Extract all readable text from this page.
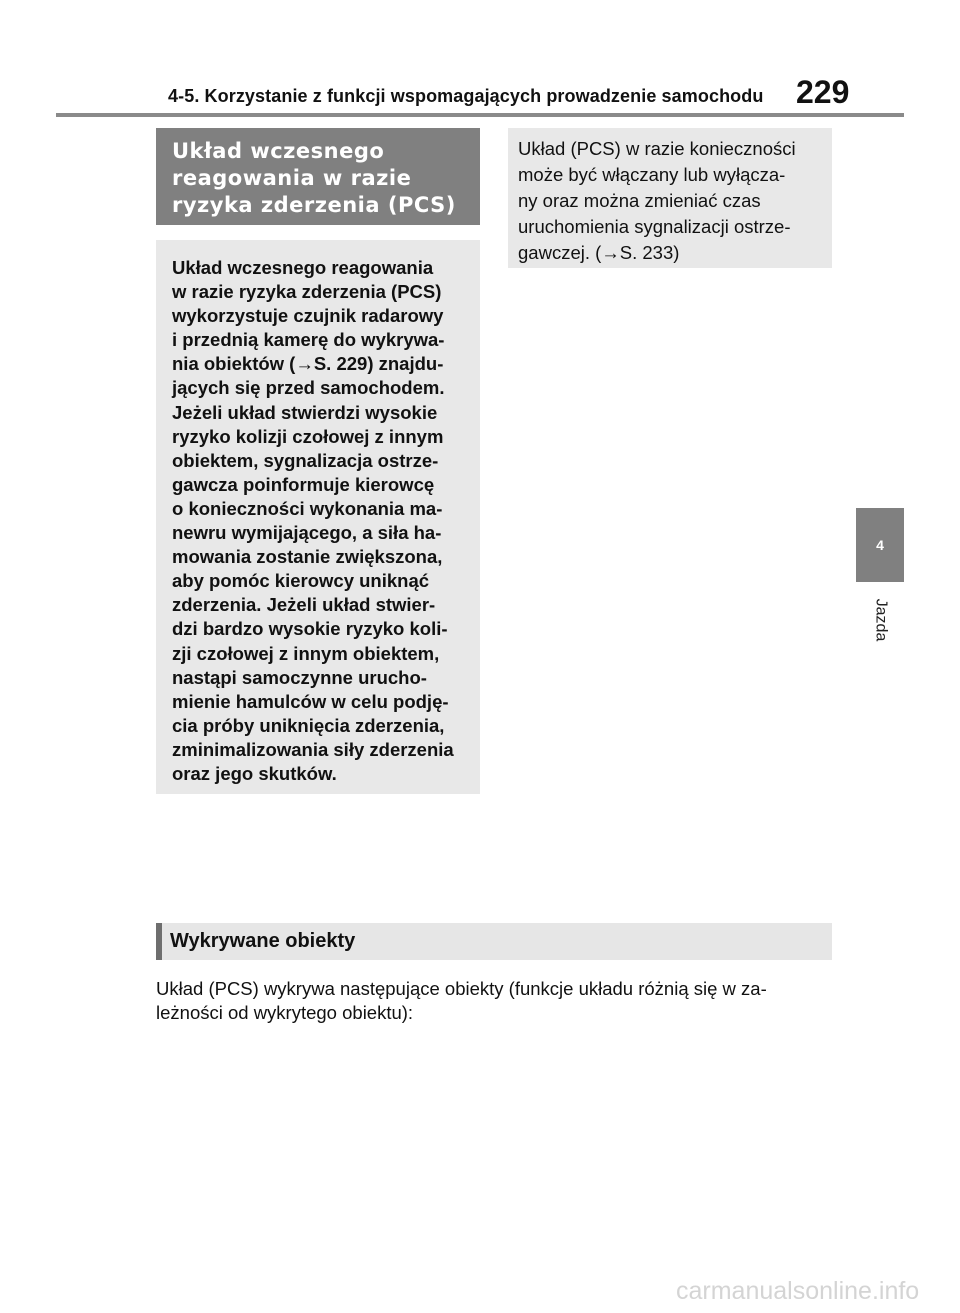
4-5. Korzystanie z funkcji wspomagających prowadzenie samochodu	229
Układ wczesnego
reagowania w razie
ryzyka zderzenia (PCS)
Układ wczesnego reagowania
w razie ryzyka zderzenia (PCS)
wykorzystuje czujnik radarowy
i przednią kamerę do wykrywa-
nia obiektów (→S. 229) znajdu-
jących się przed samochodem.
Jeżeli układ stwierdzi wysokie
ryzyko kolizji czołowej z innym
obiektem, sygnalizacja ostrze-
gawcza poinformuje kierowcę
o konieczności wykonania ma-
newru wymijającego, a siła ha-
mowania zostanie zwiększona,
aby pomóc kierowcy uniknąć
zderzenia. Jeżeli układ stwier-
dzi bardzo wysokie ryzyko koli-
zji czołowej z innym obiektem,
nastąpi samoczynne urucho-
mienie hamulców w celu podję-
cia próby uniknięcia zderzenia,
zminimalizowania siły zderzenia
oraz jego skutków.
Układ (PCS) w razie konieczności
może być włączany lub wyłącza-
ny oraz można zmieniać czas
uruchomienia sygnalizacji ostrze-
gawczej. (→S. 233)
Wykrywane obiekty
Układ (PCS) wykrywa następujące obiekty (funkcje układu różnią się w za-
leżności od wykrytego obiektu):
4
Jazda
carmanualsonline.info
